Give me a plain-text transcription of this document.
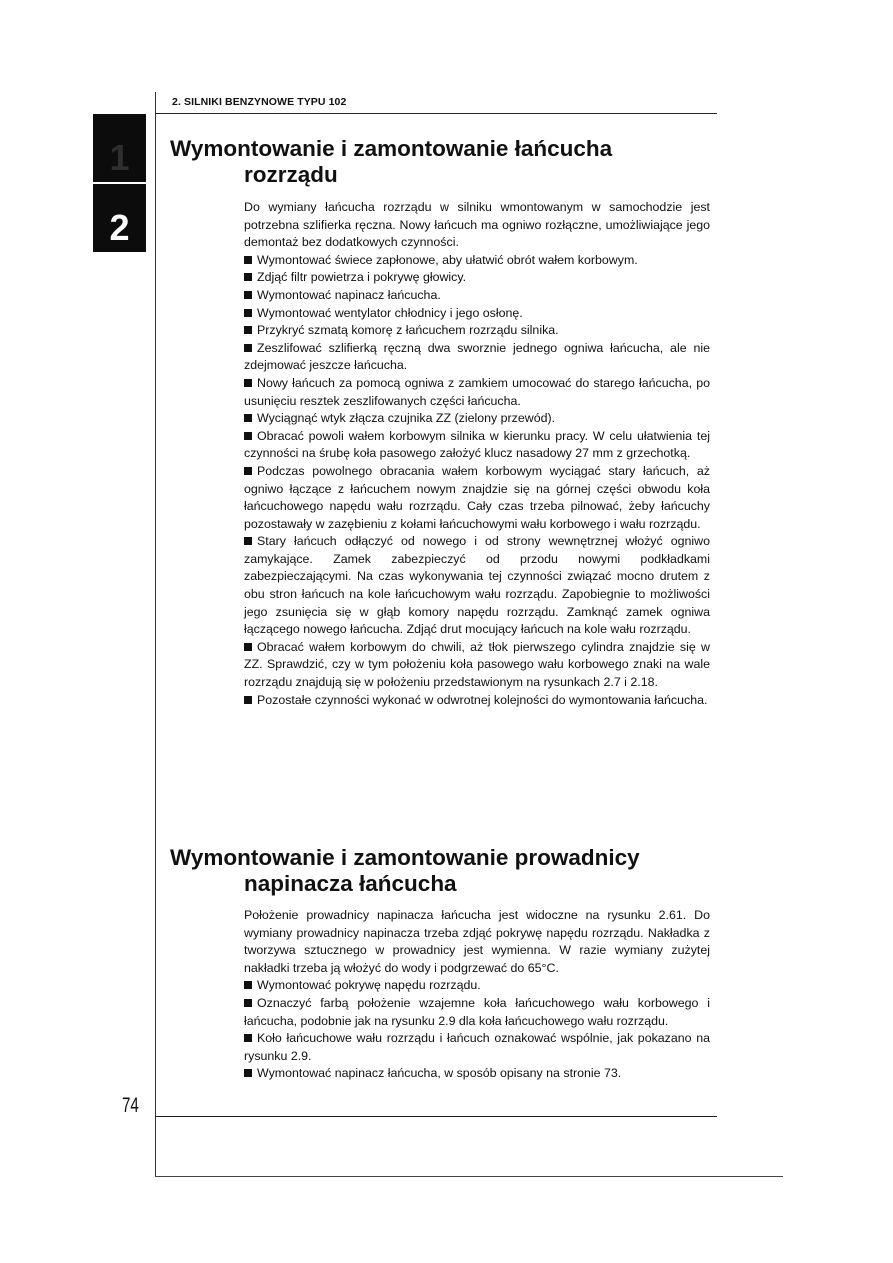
2. SILNIKI BENZYNOWE TYPU 102
1
2
Wymontowanie i zamontowanie łańcucha
rozrządu

Do wymiany łańcucha rozrządu w silniku wmontowanym w samochodzie jest potrzebna szlifierka ręczna. Nowy łańcuch ma ogniwo rozłączne, umożliwiające jego demontaż bez dodatkowych czynności.

Wymontować świece zapłonowe, aby ułatwić obrót wałem korbowym.

Zdjąć filtr powietrza i pokrywę głowicy.

Wymontować napinacz łańcucha.

Wymontować wentylator chłodnicy i jego osłonę.

Przykryć szmatą komorę z łańcuchem rozrządu silnika.

Zeszlifować szlifierką ręczną dwa sworznie jednego ogniwa łańcucha, ale nie zdejmować jeszcze łańcucha.

Nowy łańcuch za pomocą ogniwa z zamkiem umocować do starego łańcucha, po usunięciu resztek zeszlifowanych części łańcucha.

Wyciągnąć wtyk złącza czujnika ZZ (zielony przewód).

Obracać powoli wałem korbowym silnika w kierunku pracy. W celu ułatwienia tej czynności na śrubę koła pasowego założyć klucz nasadowy 27 mm z grzechotką.

Podczas powolnego obracania wałem korbowym wyciągać stary łańcuch, aż ogniwo łączące z łańcuchem nowym znajdzie się na górnej części obwodu koła łańcuchowego napędu wału rozrządu. Cały czas trzeba pilnować, żeby łańcuchy pozostawały w zazębieniu z kołami łańcuchowymi wału korbowego i wału rozrządu.

Stary łańcuch odłączyć od nowego i od strony wewnętrznej włożyć ogniwo zamykające. Zamek zabezpieczyć od przodu nowymi podkładkami zabezpieczającymi. Na czas wykonywania tej czynności związać mocno drutem z obu stron łańcuch na kole łańcuchowym wału rozrządu. Zapobiegnie to możliwości jego zsunięcia się w głąb komory napędu rozrządu. Zamknąć zamek ogniwa łączącego nowego łańcucha. Zdjąć drut mocujący łańcuch na kole wału rozrządu.

Obracać wałem korbowym do chwili, aż tłok pierwszego cylindra znajdzie się w ZZ. Sprawdzić, czy w tym położeniu koła pasowego wału korbowego znaki na wale rozrządu znajdują się w położeniu przedstawionym na rysunkach 2.7 i 2.18.

Pozostałe czynności wykonać w odwrotnej kolejności do wymontowania łańcucha.

Wymontowanie i zamontowanie prowadnicy
napinacza łańcucha

Położenie prowadnicy napinacza łańcucha jest widoczne na rysunku 2.61. Do wymiany prowadnicy napinacza trzeba zdjąć pokrywę napędu rozrządu. Nakładka z tworzywa sztucznego w prowadnicy jest wymienna. W razie wymiany zużytej nakładki trzeba ją włożyć do wody i podgrzewać do 65°C.

Wymontować pokrywę napędu rozrządu.

Oznaczyć farbą położenie wzajemne koła łańcuchowego wału korbowego i łańcucha, podobnie jak na rysunku 2.9 dla koła łańcuchowego wału rozrządu.

Koło łańcuchowe wału rozrządu i łańcuch oznakować wspólnie, jak pokazano na rysunku 2.9.

Wymontować napinacz łańcucha, w sposób opisany na stronie 73.

74
